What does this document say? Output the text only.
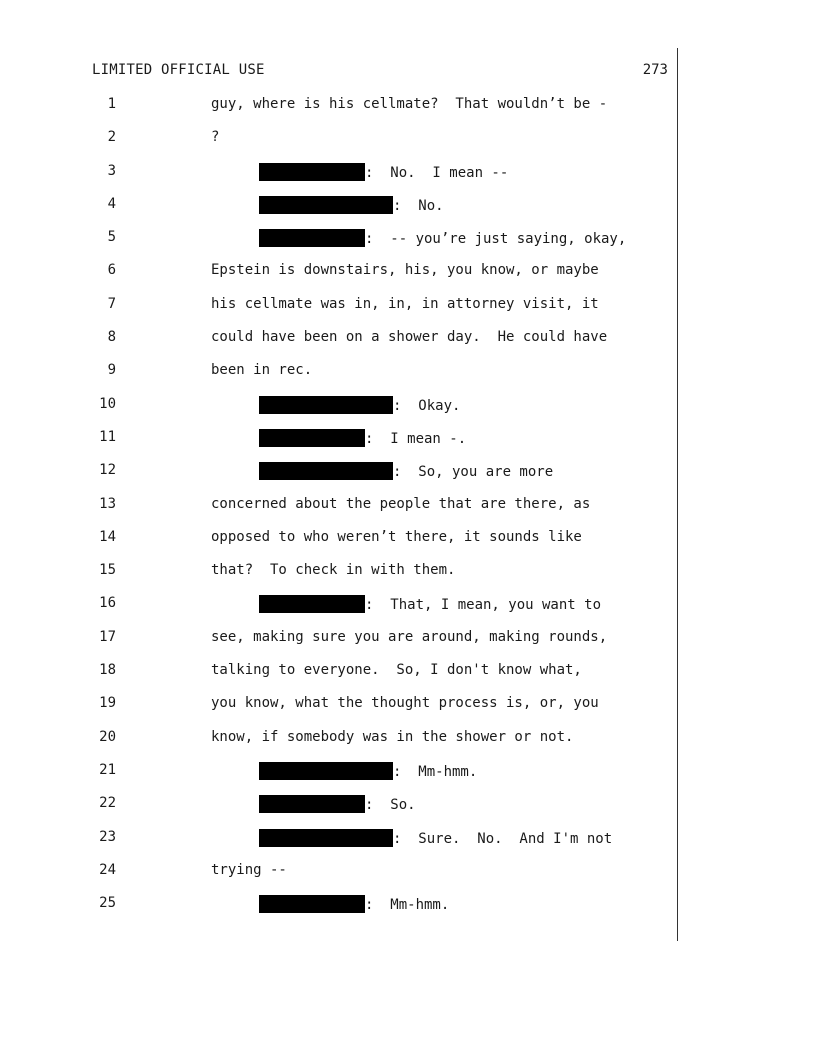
LIMITED OFFICIAL USE	273
1	guy, where is his cellmate?  That wouldn’t be -
2	?
3	:  No.  I mean --
4	:  No.
5	:  -- you’re just saying, okay,
6	Epstein is downstairs, his, you know, or maybe
7	his cellmate was in, in, in attorney visit, it
8	could have been on a shower day.  He could have
9	been in rec.
10	:  Okay.
11	:  I mean -.
12	:  So, you are more
13	concerned about the people that are there, as
14	opposed to who weren’t there, it sounds like
15	that?  To check in with them.
16	:  That, I mean, you want to
17	see, making sure you are around, making rounds,
18	talking to everyone.  So, I don't know what,
19	you know, what the thought process is, or, you
20	know, if somebody was in the shower or not.
21	:  Mm-hmm.
22	:  So.
23	:  Sure.  No.  And I'm not
24	trying --
25	:  Mm-hmm.
